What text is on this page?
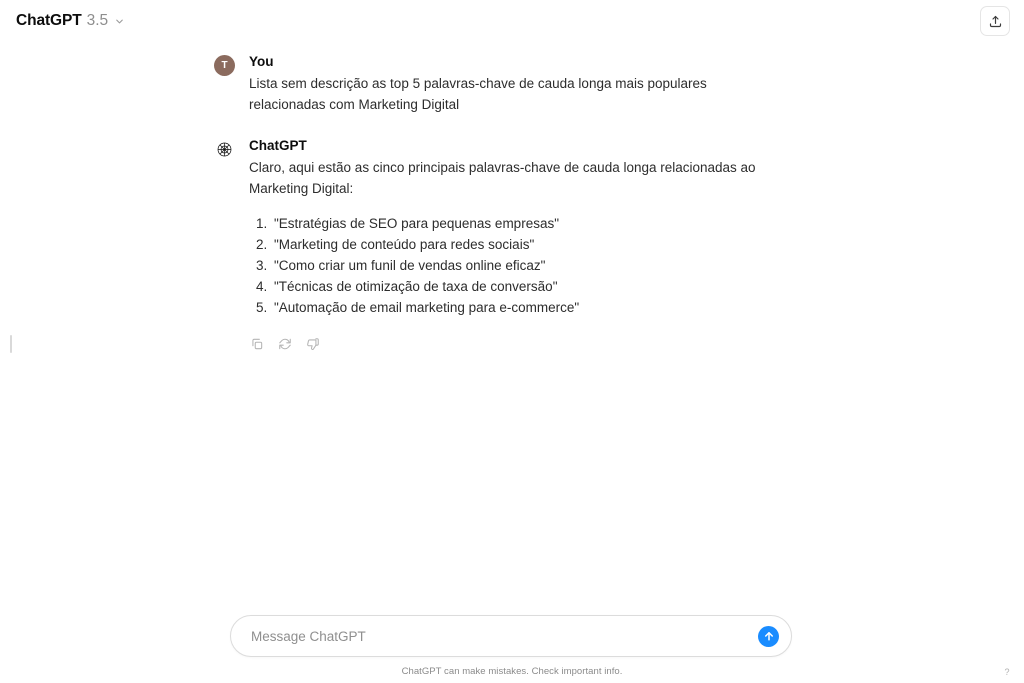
ChatGPT 3.5
T	You
Lista sem descrição as top 5 palavras-chave de cauda longa mais populares relacionadas com Marketing Digital
ChatGPT
Claro, aqui estão as cinco principais palavras-chave de cauda longa relacionadas ao Marketing Digital:
1. "Estratégias de SEO para pequenas empresas"
2. "Marketing de conteúdo para redes sociais"
3. "Como criar um funil de vendas online eficaz"
4. "Técnicas de otimização de taxa de conversão"
5. "Automação de email marketing para e-commerce"
Message ChatGPT
ChatGPT can make mistakes. Check important info.	?
